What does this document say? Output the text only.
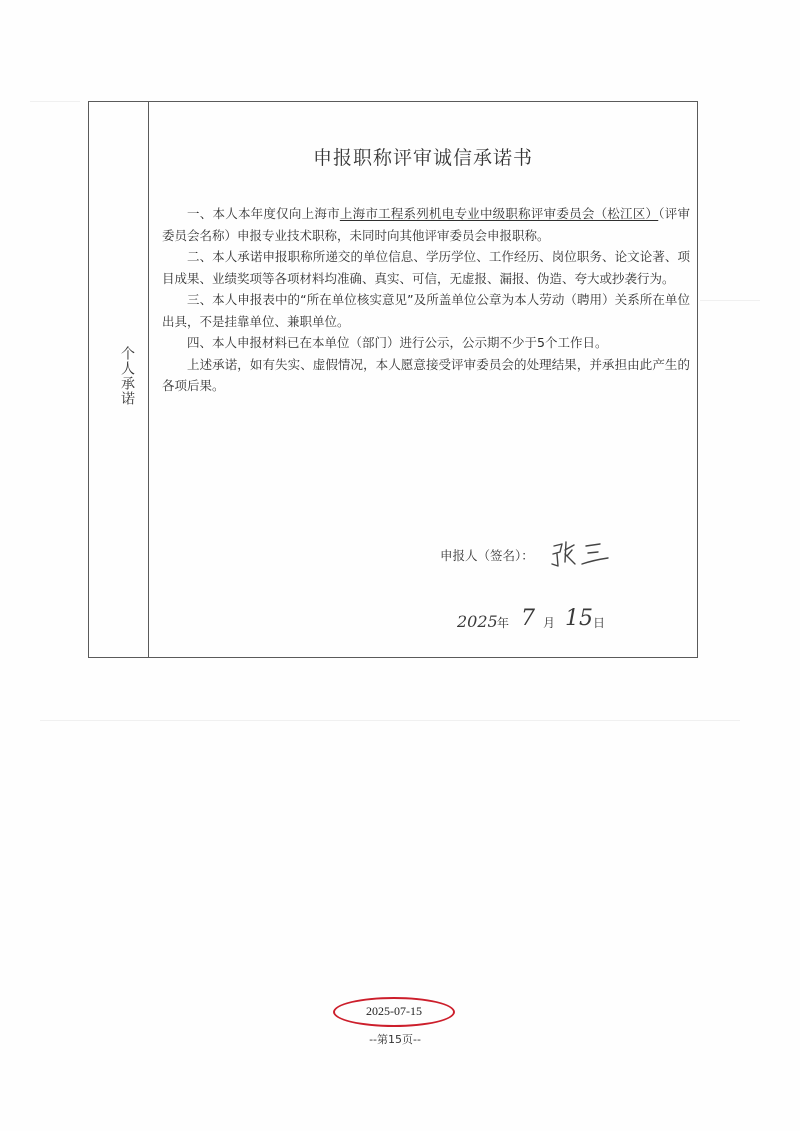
个人承诺
申报职称评审诚信承诺书

一、本人本年度仅向上海市上海市工程系列机电专业中级职称评审委员会（松江区）（评审委员会名称）申报专业技术职称，未同时向其他评审委员会申报职称。

二、本人承诺申报职称所递交的单位信息、学历学位、工作经历、岗位职务、论文论著、项目成果、业绩奖项等各项材料均准确、真实、可信，无虚报、漏报、伪造、夸大或抄袭行为。

三、本人申报表中的“所在单位核实意见”及所盖单位公章为本人劳动（聘用）关系所在单位出具，不是挂靠单位、兼职单位。

四、本人申报材料已在本单位（部门）进行公示，公示期不少于5个工作日。

上述承诺，如有失实、虚假情况，本人愿意接受评审委员会的处理结果，并承担由此产生的各项后果。

申报人（签名）：
2025 年 7 月 15 日
2025-07-15
--第15页--
